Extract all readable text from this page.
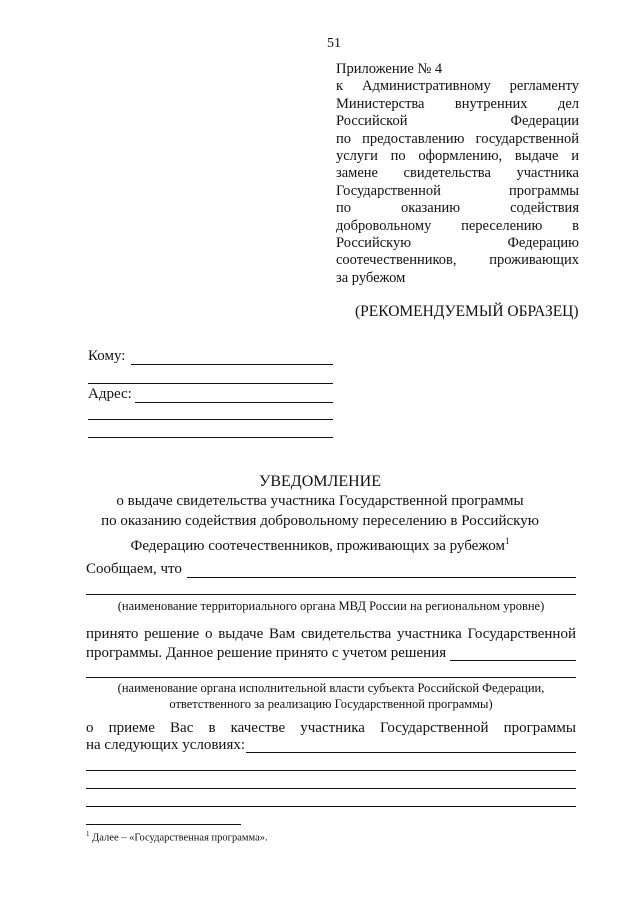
51
Приложение № 4
к Административному регламенту
Министерства внутренних дел
Российской Федерации
по предоставлению государственной
услуги по оформлению, выдаче и
замене свидетельства участника
Государственной программы
по оказанию содействия
добровольному переселению в
Российскую Федерацию
соотечественников, проживающих
за рубежом
(РЕКОМЕНДУЕМЫЙ ОБРАЗЕЦ)
Кому:
Адрес:
УВЕДОМЛЕНИЕ
о выдаче свидетельства участника Государственной программы
по оказанию содействия добровольному переселению в Российскую
Федерацию соотечественников, проживающих за рубежом$^1$
Сообщаем, что
(наименование территориального органа МВД России на региональном уровне)
принято решение о выдаче Вам свидетельства участника Государственной
программы. Данное решение принято с учетом решения
(наименование органа исполнительной власти субъекта Российской Федерации,
ответственного за реализацию Государственной программы)
о приеме Вас в качестве участника Государственной программы
на следующих условиях:
$^1$ Далее – «Государственная программа».
